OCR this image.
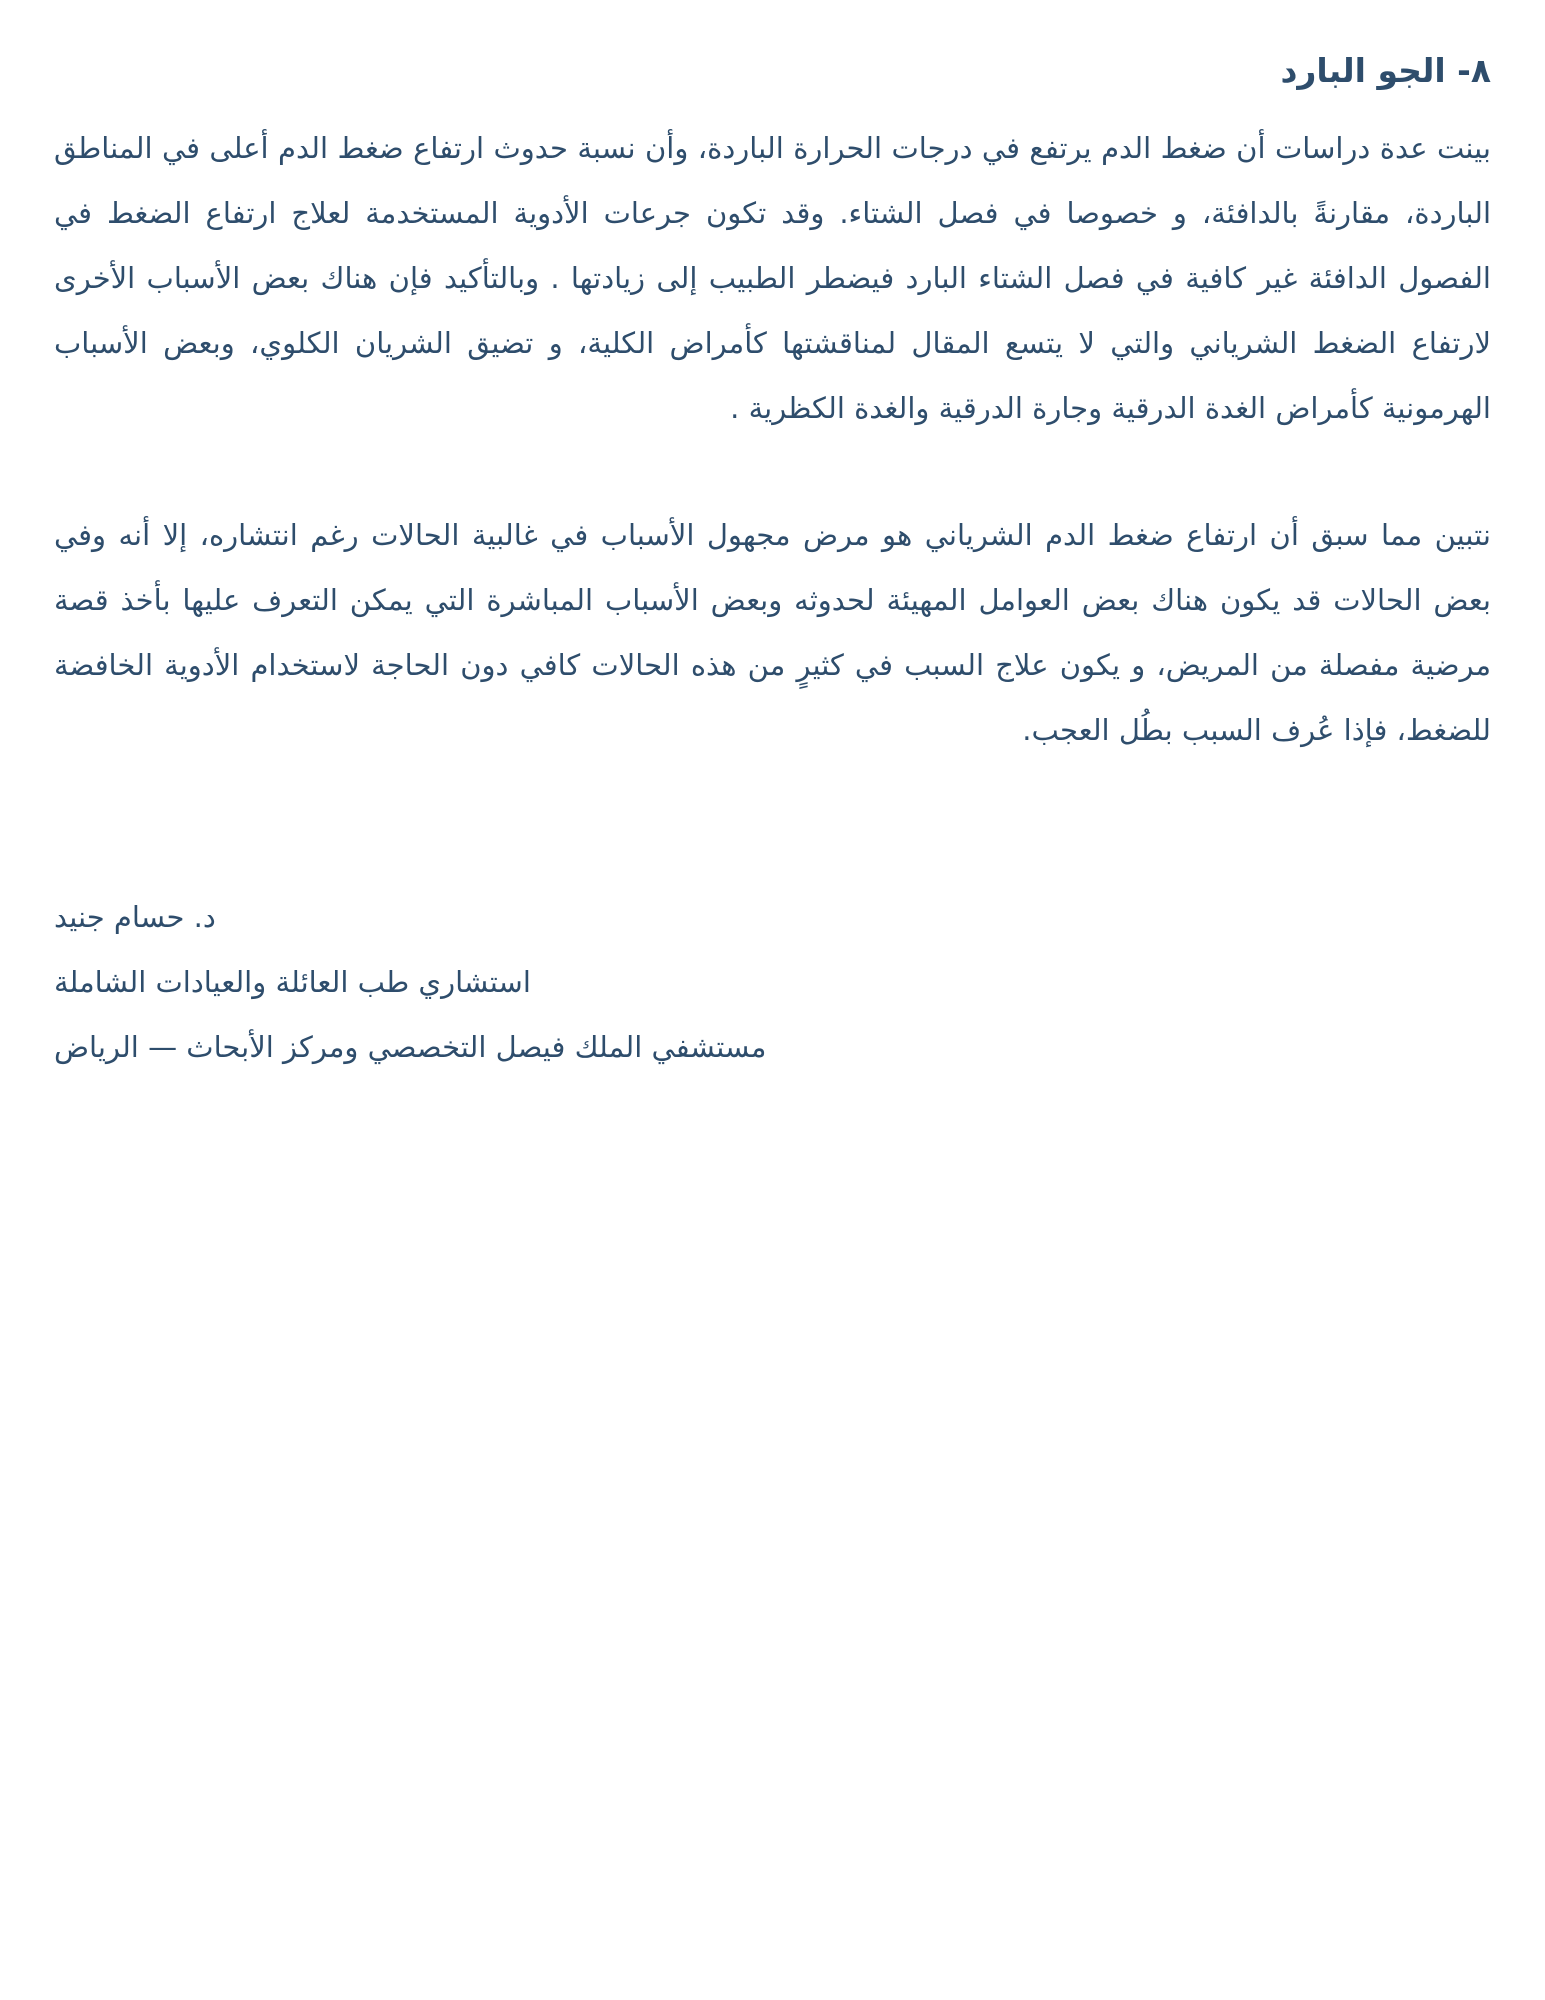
٨- الجو البارد

بينت عدة دراسات أن ضغط الدم يرتفع في درجات الحرارة الباردة، وأن نسبة حدوث ارتفاع ضغط الدم أعلى في المناطق الباردة، مقارنةً بالدافئة، و خصوصا في فصل الشتاء. وقد تكون جرعات الأدوية المستخدمة لعلاج ارتفاع الضغط في الفصول الدافئة غير كافية في فصل الشتاء البارد فيضطر الطبيب إلى زيادتها . وبالتأكيد فإن هناك بعض الأسباب الأخرى لارتفاع الضغط الشرياني والتي لا يتسع المقال لمناقشتها كأمراض الكلية، و تضيق الشريان الكلوي، وبعض الأسباب الهرمونية كأمراض الغدة الدرقية وجارة الدرقية والغدة الكظرية .

نتبين مما سبق أن ارتفاع ضغط الدم الشرياني هو مرض مجهول الأسباب في غالبية الحالات رغم انتشاره، إلا أنه وفي بعض الحالات قد يكون هناك بعض العوامل المهيئة لحدوثه وبعض الأسباب المباشرة التي يمكن التعرف عليها بأخذ قصة مرضية مفصلة من المريض، و يكون علاج السبب في كثيرٍ من هذه الحالات كافي دون الحاجة لاستخدام الأدوية الخافضة للضغط، فإذا عُرف السبب بطُل العجب.

د. حسام جنيد
استشاري طب العائلة والعيادات الشاملة
مستشفي الملك فيصل التخصصي ومركز الأبحاث — الرياض
